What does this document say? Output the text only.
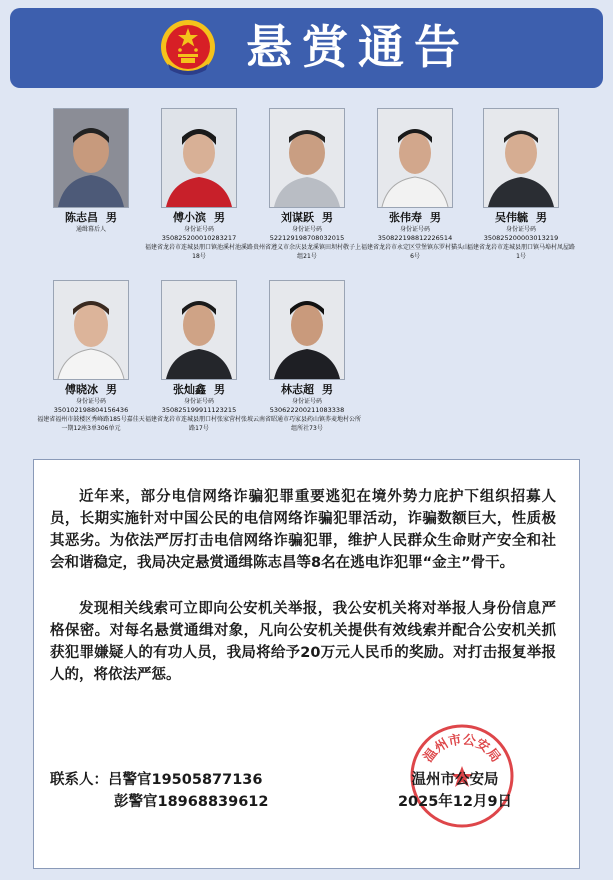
悬赏通告
陈志昌 男
通缉幕后人
傅小滨 男
身份证号码
350825200010283217
福建省龙岩市连城县朋口镇池溪村池溪路18号
刘谋跃 男
身份证号码
522129198708032015
贵州省遵义市余庆县龙溪镇田坝村敬子上组21号
张伟寿 男
身份证号码
350822198812226514
福建省龙岩市永定区堂堡镇东罗村猫头山6号
吴伟毓 男
身份证号码
350825200003013219
福建省龙岩市连城县朋口镇马埠村凤屋路1号
傅晓冰 男
身份证号码
350102198804156436
福建省福州市鼓楼区秀峰路185号嘉佳天一期12座3单306单元
张灿鑫 男
身份证号码
350825199911123215
福建省龙岩市连城县朋口村张家营村张坡路17号
林志超 男
身份证号码
530622200211083338
云南省昭通市巧家县药山镇荞麦地村公所组所社73号
近年来，部分电信网络诈骗犯罪重要逃犯在境外势力庇护下组织招募人员，长期实施针对中国公民的电信网络诈骗犯罪活动，诈骗数额巨大，性质极其恶劣。为依法严厉打击电信网络诈骗犯罪，维护人民群众生命财产安全和社会和谐稳定，我局决定悬赏通缉陈志昌等8名在逃电诈犯罪“金主”骨干。
发现相关线索可立即向公安机关举报，我公安机关将对举报人身份信息严格保密。对每名悬赏通缉对象，凡向公安机关提供有效线索并配合公安机关抓获犯罪嫌疑人的有功人员，我局将给予20万元人民币的奖励。对打击报复举报人的，将依法严惩。
温州市公安局
联系人：吕警官19505877136
彭警官18968839612
温州市公安局
2025年12月9日
